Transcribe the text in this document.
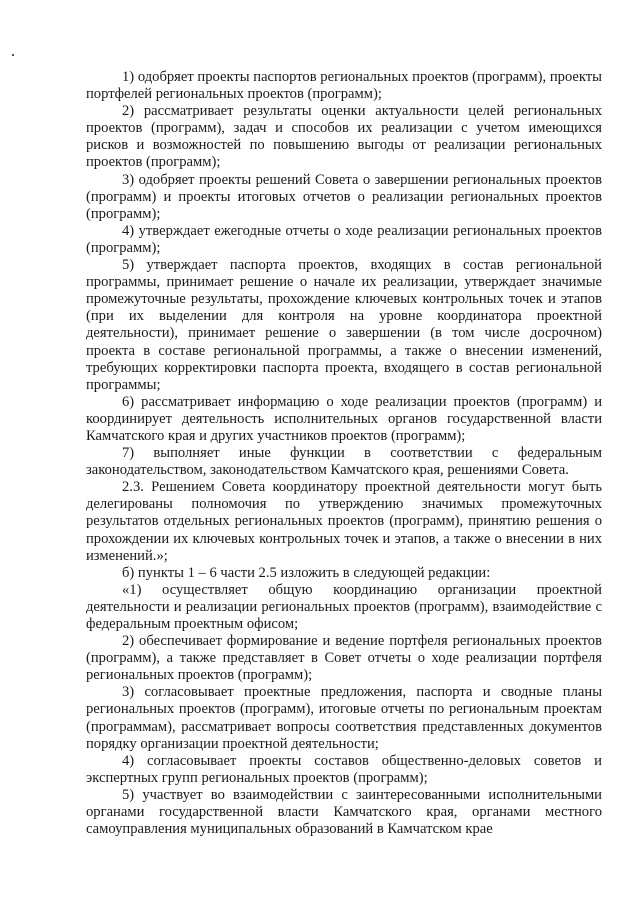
1) одобряет проекты паспортов региональных проектов (программ), проекты портфелей региональных проектов (программ);

2) рассматривает результаты оценки актуальности целей региональных проектов (программ), задач и способов их реализации с учетом имеющихся рисков и возможностей по повышению выгоды от реализации региональных проектов (программ);

3) одобряет проекты решений Совета о завершении региональных проектов (программ) и проекты итоговых отчетов о реализации региональных проектов (программ);

4) утверждает ежегодные отчеты о ходе реализации региональных проектов (программ);

5) утверждает паспорта проектов, входящих в состав региональной программы, принимает решение о начале их реализации, утверждает значимые промежуточные результаты, прохождение ключевых контрольных точек и этапов (при их выделении для контроля на уровне координатора проектной деятельности), принимает решение о завершении (в том числе досрочном) проекта в составе региональной программы, а также о внесении изменений, требующих корректировки паспорта проекта, входящего в состав региональной программы;

6) рассматривает информацию о ходе реализации проектов (программ) и координирует деятельность исполнительных органов государственной власти Камчатского края и других участников проектов (программ);

7) выполняет иные функции в соответствии с федеральным законодательством, законодательством Камчатского края, решениями Совета.

2.3. Решением Совета координатору проектной деятельности могут быть делегированы полномочия по утверждению значимых промежуточных результатов отдельных региональных проектов (программ), принятию решения о прохождении их ключевых контрольных точек и этапов, а также о внесении в них изменений.»;

б) пункты 1 – 6 части 2.5 изложить в следующей редакции:

«1) осуществляет общую координацию организации проектной деятельности и реализации региональных проектов (программ), взаимодействие с федеральным проектным офисом;

2) обеспечивает формирование и ведение портфеля региональных проектов (программ), а также представляет в Совет отчеты о ходе реализации портфеля региональных проектов (программ);

3) согласовывает проектные предложения, паспорта и сводные планы региональных проектов (программ), итоговые отчеты по региональным проектам (программам), рассматривает вопросы соответствия представленных документов порядку организации проектной деятельности;

4) согласовывает проекты составов общественно-деловых советов и экспертных групп региональных проектов (программ);

5) участвует во взаимодействии с заинтересованными исполнительными органами государственной власти Камчатского края, органами местного самоуправления муниципальных образований в Камчатском крае
